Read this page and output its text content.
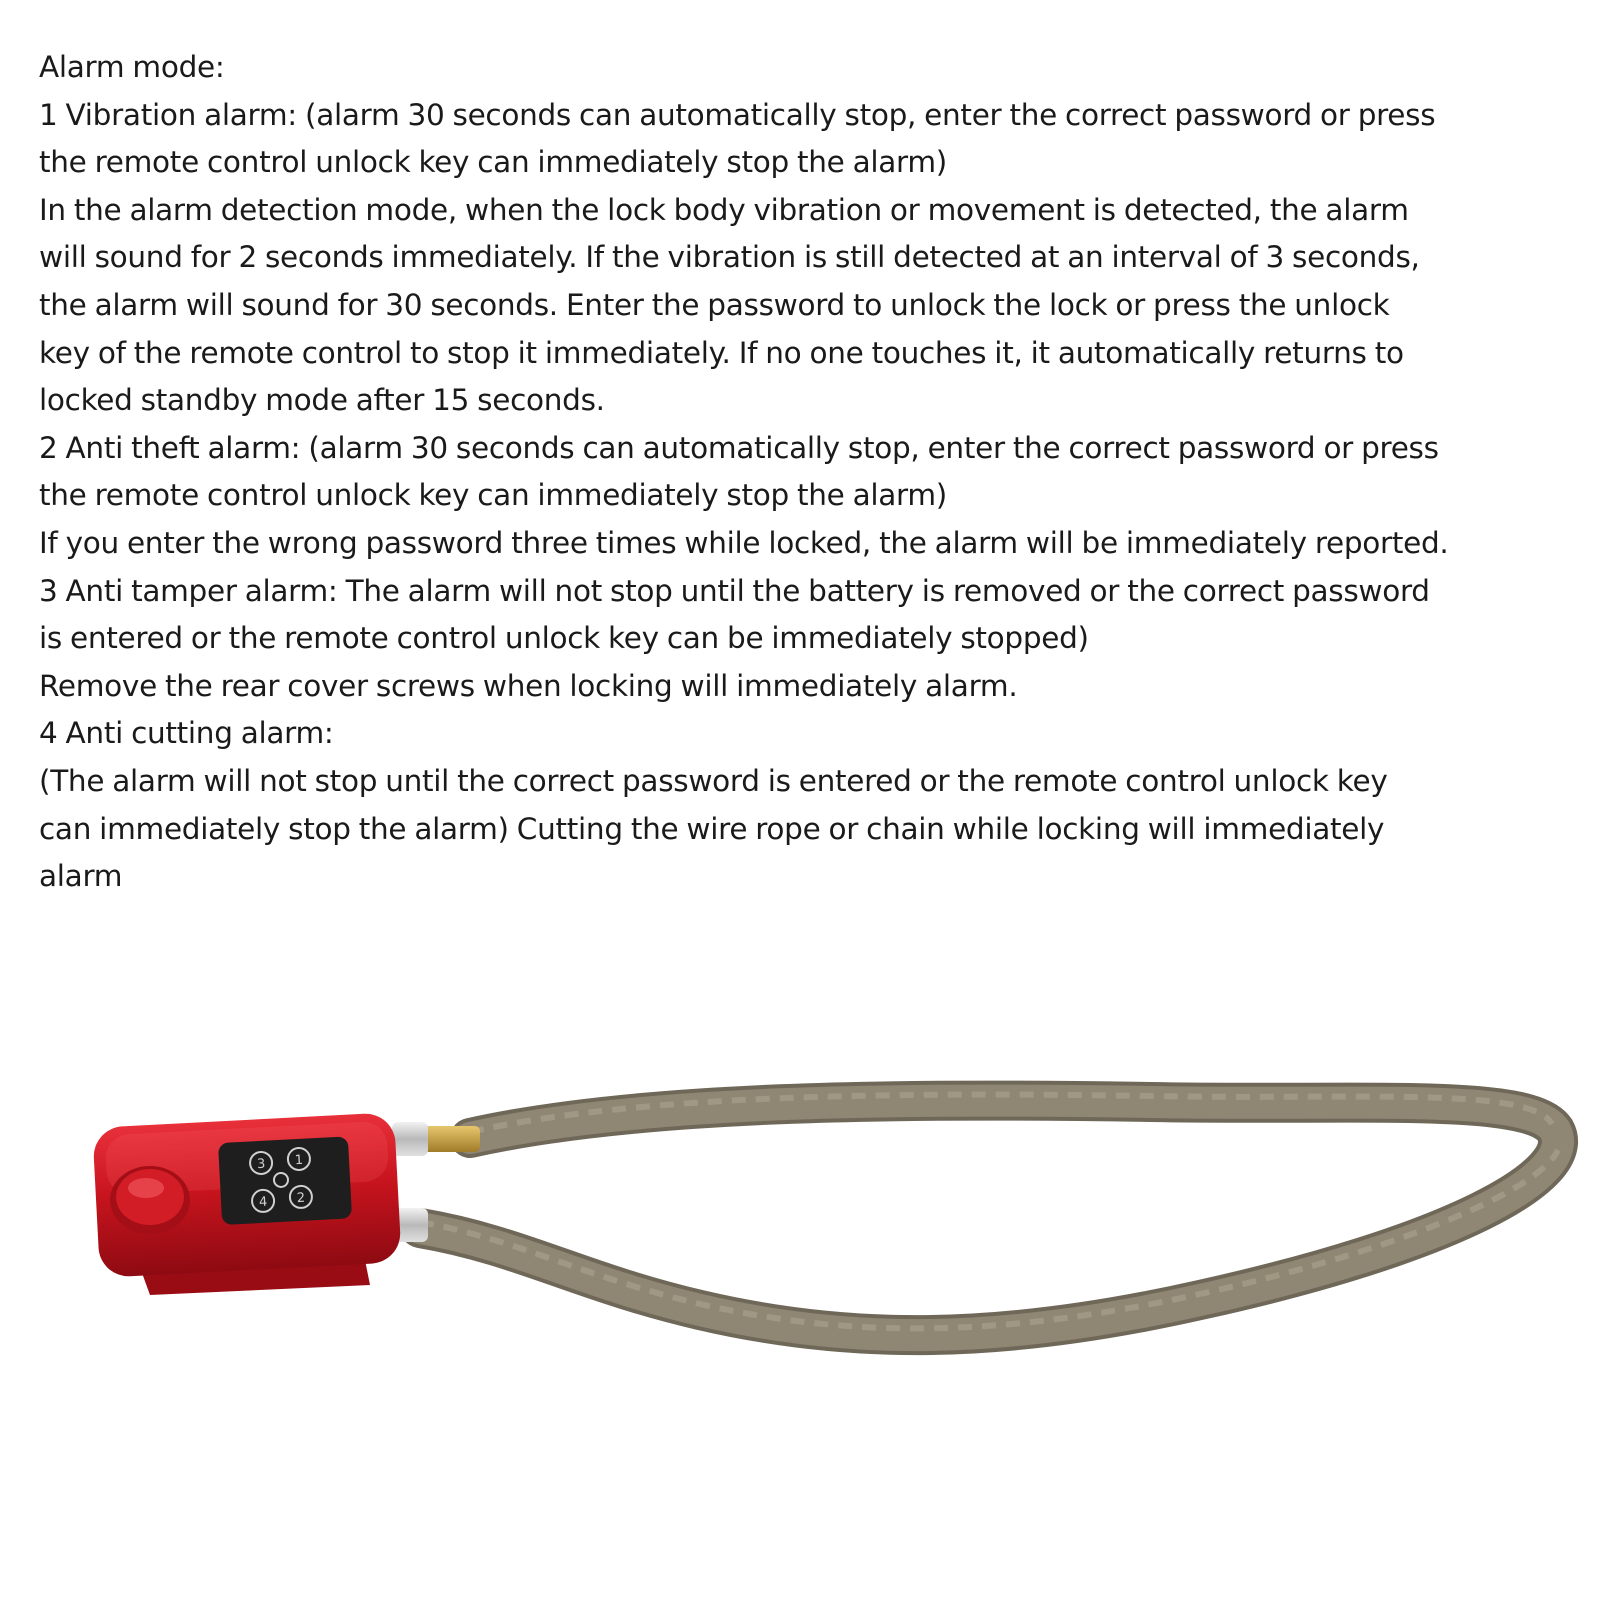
Alarm mode:

1 Vibration alarm: (alarm 30 seconds can automatically stop, enter the correct password or press

the remote control unlock key can immediately stop the alarm)

In the alarm detection mode, when the lock body vibration or movement is detected, the alarm

will sound for 2 seconds immediately. If the vibration is still detected at an interval of 3 seconds,

the alarm will sound for 30 seconds. Enter the password to unlock the lock or press the unlock

key of the remote control to stop it immediately. If no one touches it, it automatically returns to

locked standby mode after 15 seconds.

2 Anti theft alarm: (alarm 30 seconds can automatically stop, enter the correct password or press

the remote control unlock key can immediately stop the alarm)

If you enter the wrong password three times while locked, the alarm will be immediately reported.

3 Anti tamper alarm: The alarm will not stop until the battery is removed or the correct password

is entered or the remote control unlock key can be immediately stopped)

Remove the rear cover screws when locking will immediately alarm.

4 Anti cutting alarm:

(The alarm will not stop until the correct password is entered or the remote control unlock key

can immediately stop the alarm) Cutting the wire rope or chain while locking will immediately

alarm

1
2
3
4
